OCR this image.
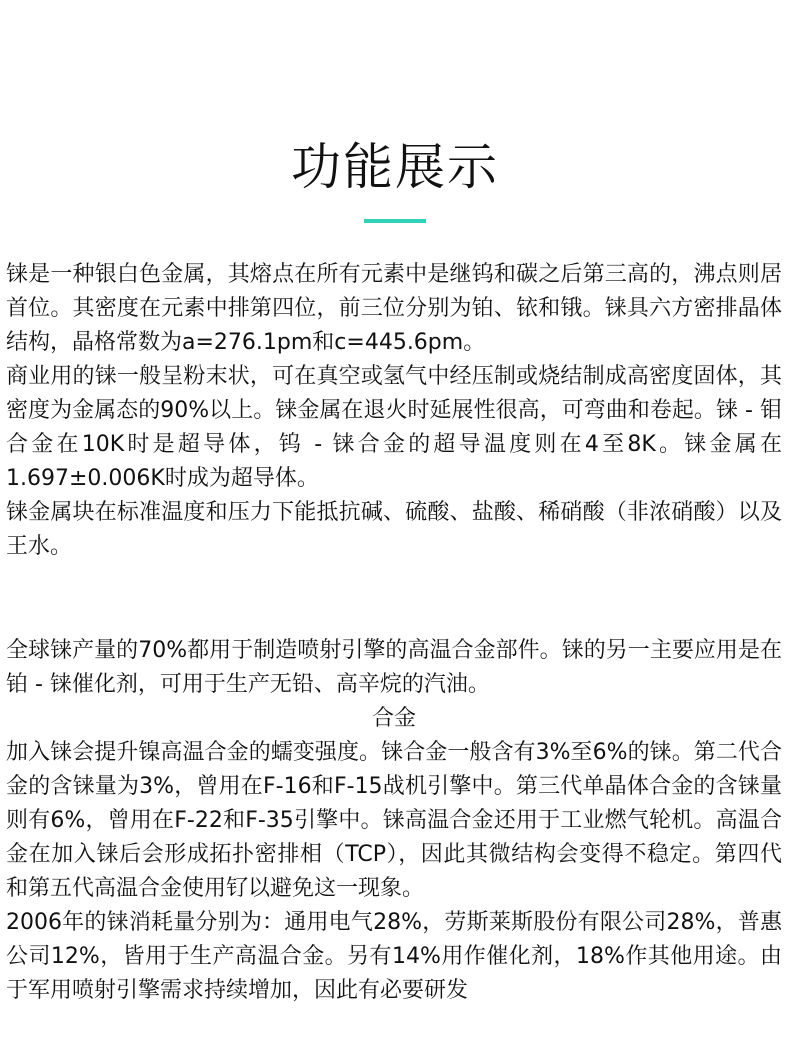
功能展示

铼是一种银白色金属，其熔点在所有元素中是继钨和碳之后第三高的，沸点则居首位。其密度在元素中排第四位，前三位分别为铂、铱和锇。铼具六方密排晶体结构，晶格常数为a=276.1pm和c=445.6pm。

商业用的铼一般呈粉末状，可在真空或氢气中经压制或烧结制成高密度固体，其密度为金属态的90%以上。铼金属在退火时延展性很高，可弯曲和卷起。铼 - 钼合金在10K时是超导体，钨 - 铼合金的超导温度则在4至8K。铼金属在1.697±0.006K时成为超导体。

铼金属块在标准温度和压力下能抵抗碱、硫酸、盐酸、稀硝酸（非浓硝酸）以及王水。

全球铼产量的70%都用于制造喷射引擎的高温合金部件。铼的另一主要应用是在铂 - 铼催化剂，可用于生产无铅、高辛烷的汽油。

合金

加入铼会提升镍高温合金的蠕变强度。铼合金一般含有3%至6%的铼。第二代合金的含铼量为3%，曾用在F-16和F-15战机引擎中。第三代单晶体合金的含铼量则有6%，曾用在F-22和F-35引擎中。铼高温合金还用于工业燃气轮机。高温合金在加入铼后会形成拓扑密排相（TCP），因此其微结构会变得不稳定。第四代和第五代高温合金使用钌以避免这一现象。

2006年的铼消耗量分别为：通用电气28%，劳斯莱斯股份有限公司28%，普惠公司12%，皆用于生产高温合金。另有14%用作催化剂，18%作其他用途。由于军用喷射引擎需求持续增加，因此有必要研发
